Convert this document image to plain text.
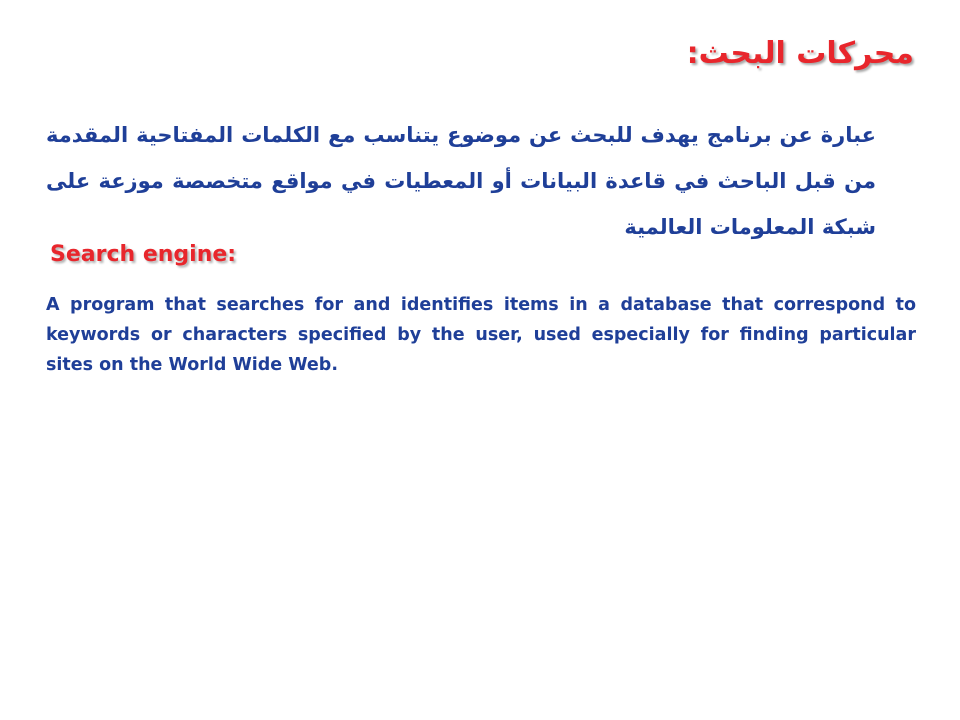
محركات البحث:
عبارة عن برنامج يهدف للبحث عن موضوع يتناسب مع الكلمات المفتاحية المقدمة من قبل الباحث في قاعدة البيانات أو المعطيات في مواقع متخصصة موزعة على شبكة المعلومات العالمية
Search engine:
A program that searches for and identifies items in a database that correspond to keywords or characters specified by the user, used especially for finding particular sites on the World Wide Web.
